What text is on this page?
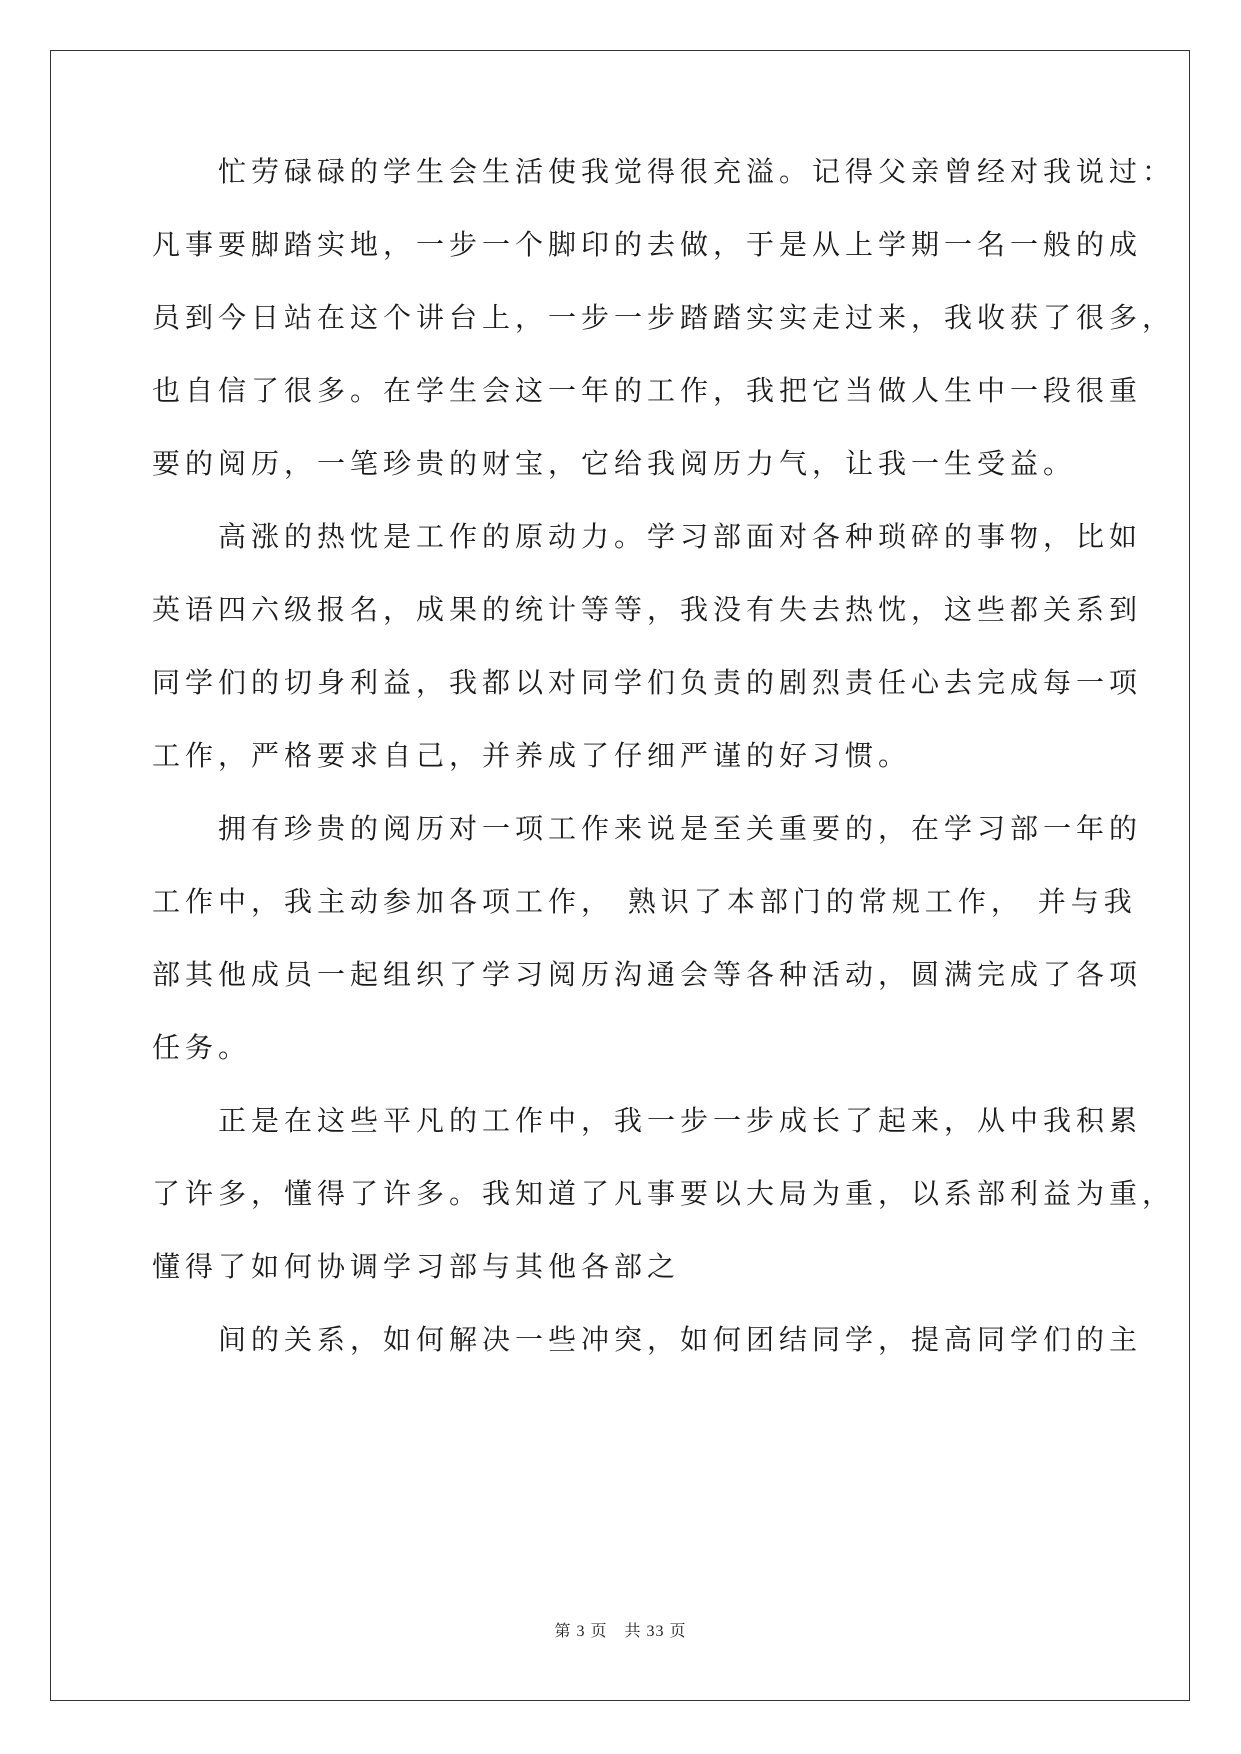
　　忙劳碌碌的学生会生活使我觉得很充溢。记得父亲曾经对我说过：
凡事要脚踏实地，一步一个脚印的去做，于是从上学期一名一般的成
员到今日站在这个讲台上，一步一步踏踏实实走过来，我收获了很多，
也自信了很多。在学生会这一年的工作，我把它当做人生中一段很重
要的阅历，一笔珍贵的财宝，它给我阅历力气，让我一生受益。
　　高涨的热忱是工作的原动力。学习部面对各种琐碎的事物，比如
英语四六级报名，成果的统计等等，我没有失去热忱，这些都关系到
同学们的切身利益，我都以对同学们负责的剧烈责任心去完成每一项
工作，严格要求自己，并养成了仔细严谨的好习惯。
　　拥有珍贵的阅历对一项工作来说是至关重要的，在学习部一年的
工作中，我主动参加各项工作， 熟识了本部门的常规工作， 并与我
部其他成员一起组织了学习阅历沟通会等各种活动，圆满完成了各项
任务。
　　正是在这些平凡的工作中，我一步一步成长了起来，从中我积累
了许多，懂得了许多。我知道了凡事要以大局为重，以系部利益为重，
懂得了如何协调学习部与其他各部之
　　间的关系，如何解决一些冲突，如何团结同学，提高同学们的主
第 3 页　共 33 页
